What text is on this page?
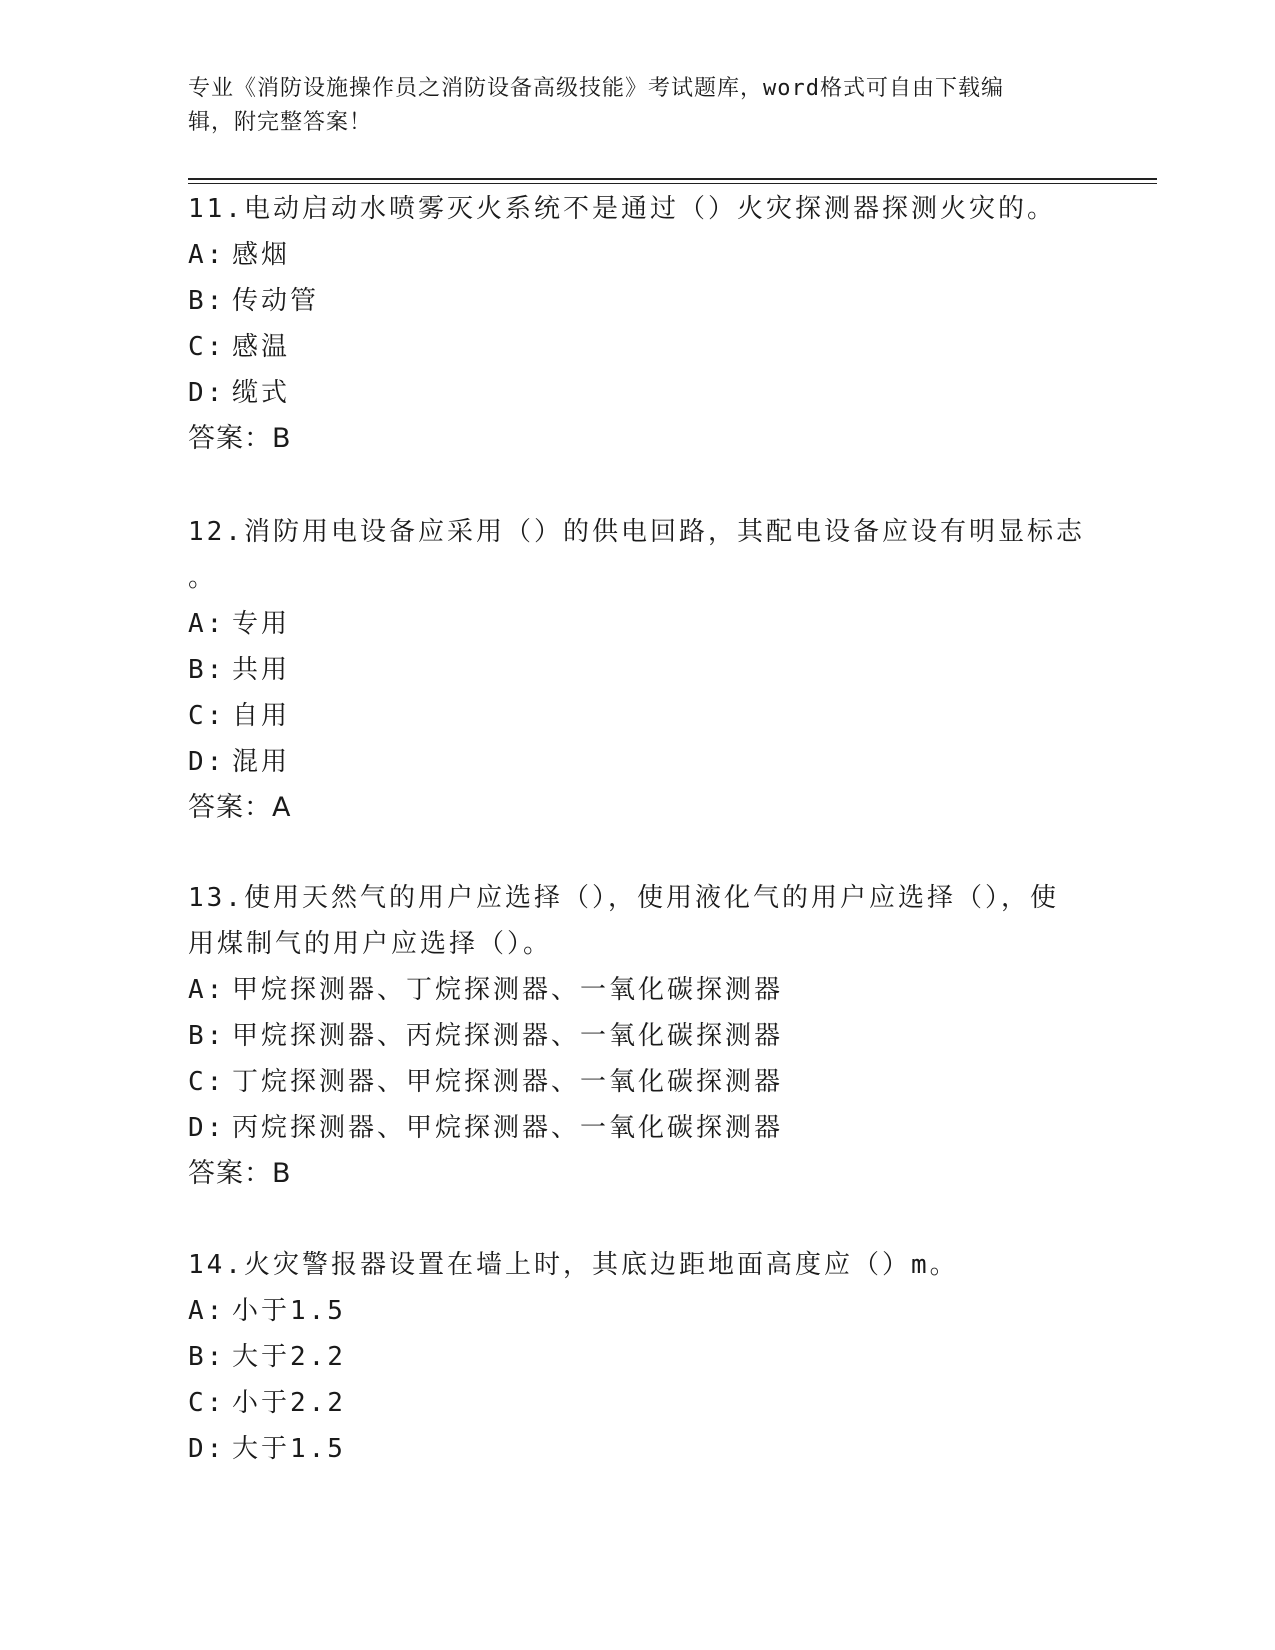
专业《消防设施操作员之消防设备高级技能》考试题库，word格式可自由下载编
辑，附完整答案！
11.电动启动水喷雾灭火系统不是通过（）火灾探测器探测火灾的。
A: 感烟
B: 传动管
C: 感温
D: 缆式
答案：B
12.消防用电设备应采用（）的供电回路，其配电设备应设有明显标志
。
A: 专用
B: 共用
C: 自用
D: 混用
答案：A
13.使用天然气的用户应选择（），使用液化气的用户应选择（），使
用煤制气的用户应选择（）。
A: 甲烷探测器、丁烷探测器、一氧化碳探测器
B: 甲烷探测器、丙烷探测器、一氧化碳探测器
C: 丁烷探测器、甲烷探测器、一氧化碳探测器
D: 丙烷探测器、甲烷探测器、一氧化碳探测器
答案：B
14.火灾警报器设置在墙上时，其底边距地面高度应（）m。
A: 小于1.5
B: 大于2.2
C: 小于2.2
D: 大于1.5
